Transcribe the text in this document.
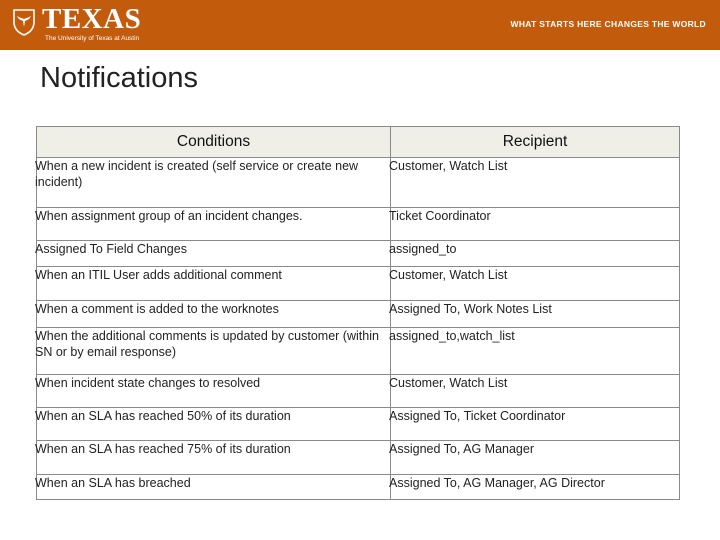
TEXAS
The University of Texas at Austin
WHAT STARTS HERE CHANGES THE WORLD
Notifications
Conditions	Recipient

When a new incident is created (self service or create new incident)	Customer, Watch List

When assignment group of an incident changes.	Ticket Coordinator

Assigned To Field Changes	assigned_to

When an ITIL User adds additional comment	Customer, Watch List

When a comment is added to the worknotes	Assigned To, Work Notes List

When the additional comments is updated by customer (within SN or by email response)	assigned_to,watch_list

When incident state changes to resolved	Customer, Watch List

When an SLA has reached 50% of its duration	Assigned To, Ticket Coordinator

When an SLA has reached 75% of its duration	Assigned To, AG Manager

When an SLA has breached	Assigned To, AG Manager, AG Director
